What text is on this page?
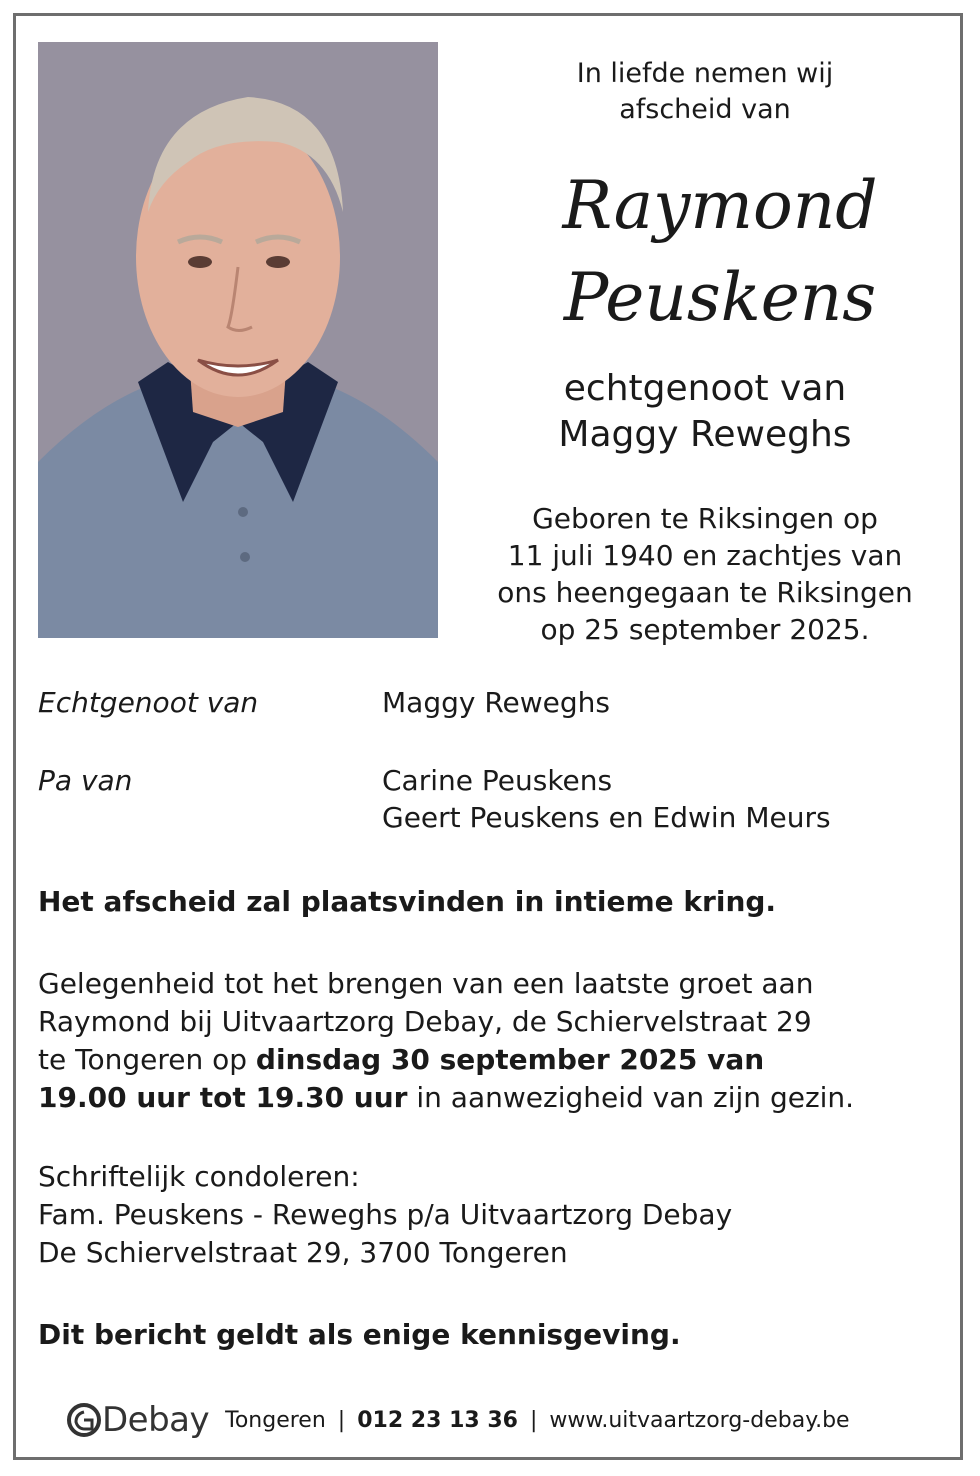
In liefde nemen wij
afscheid van
Raymond
Peuskens
echtgenoot van
Maggy Reweghs
Geboren te Riksingen op
11 juli 1940 en zachtjes van
ons heengegaan te Riksingen
op 25 september 2025.
Echtgenoot van	Maggy Reweghs
Pa van	Carine Peuskens
Geert Peuskens en Edwin Meurs
Het afscheid zal plaatsvinden in intieme kring.
Gelegenheid tot het brengen van een laatste groet aan
Raymond bij Uitvaartzorg Debay, de Schiervelstraat 29
te Tongeren op dinsdag 30 september 2025 van
19.00 uur tot 19.30 uur in aanwezigheid van zijn gezin.
Schriftelijk condoleren:
Fam. Peuskens - Reweghs p/a Uitvaartzorg Debay
De Schiervelstraat 29, 3700 Tongeren
Dit bericht geldt als enige kennisgeving.
Debay Tongeren | 012 23 13 36 | www.uitvaartzorg-debay.be
